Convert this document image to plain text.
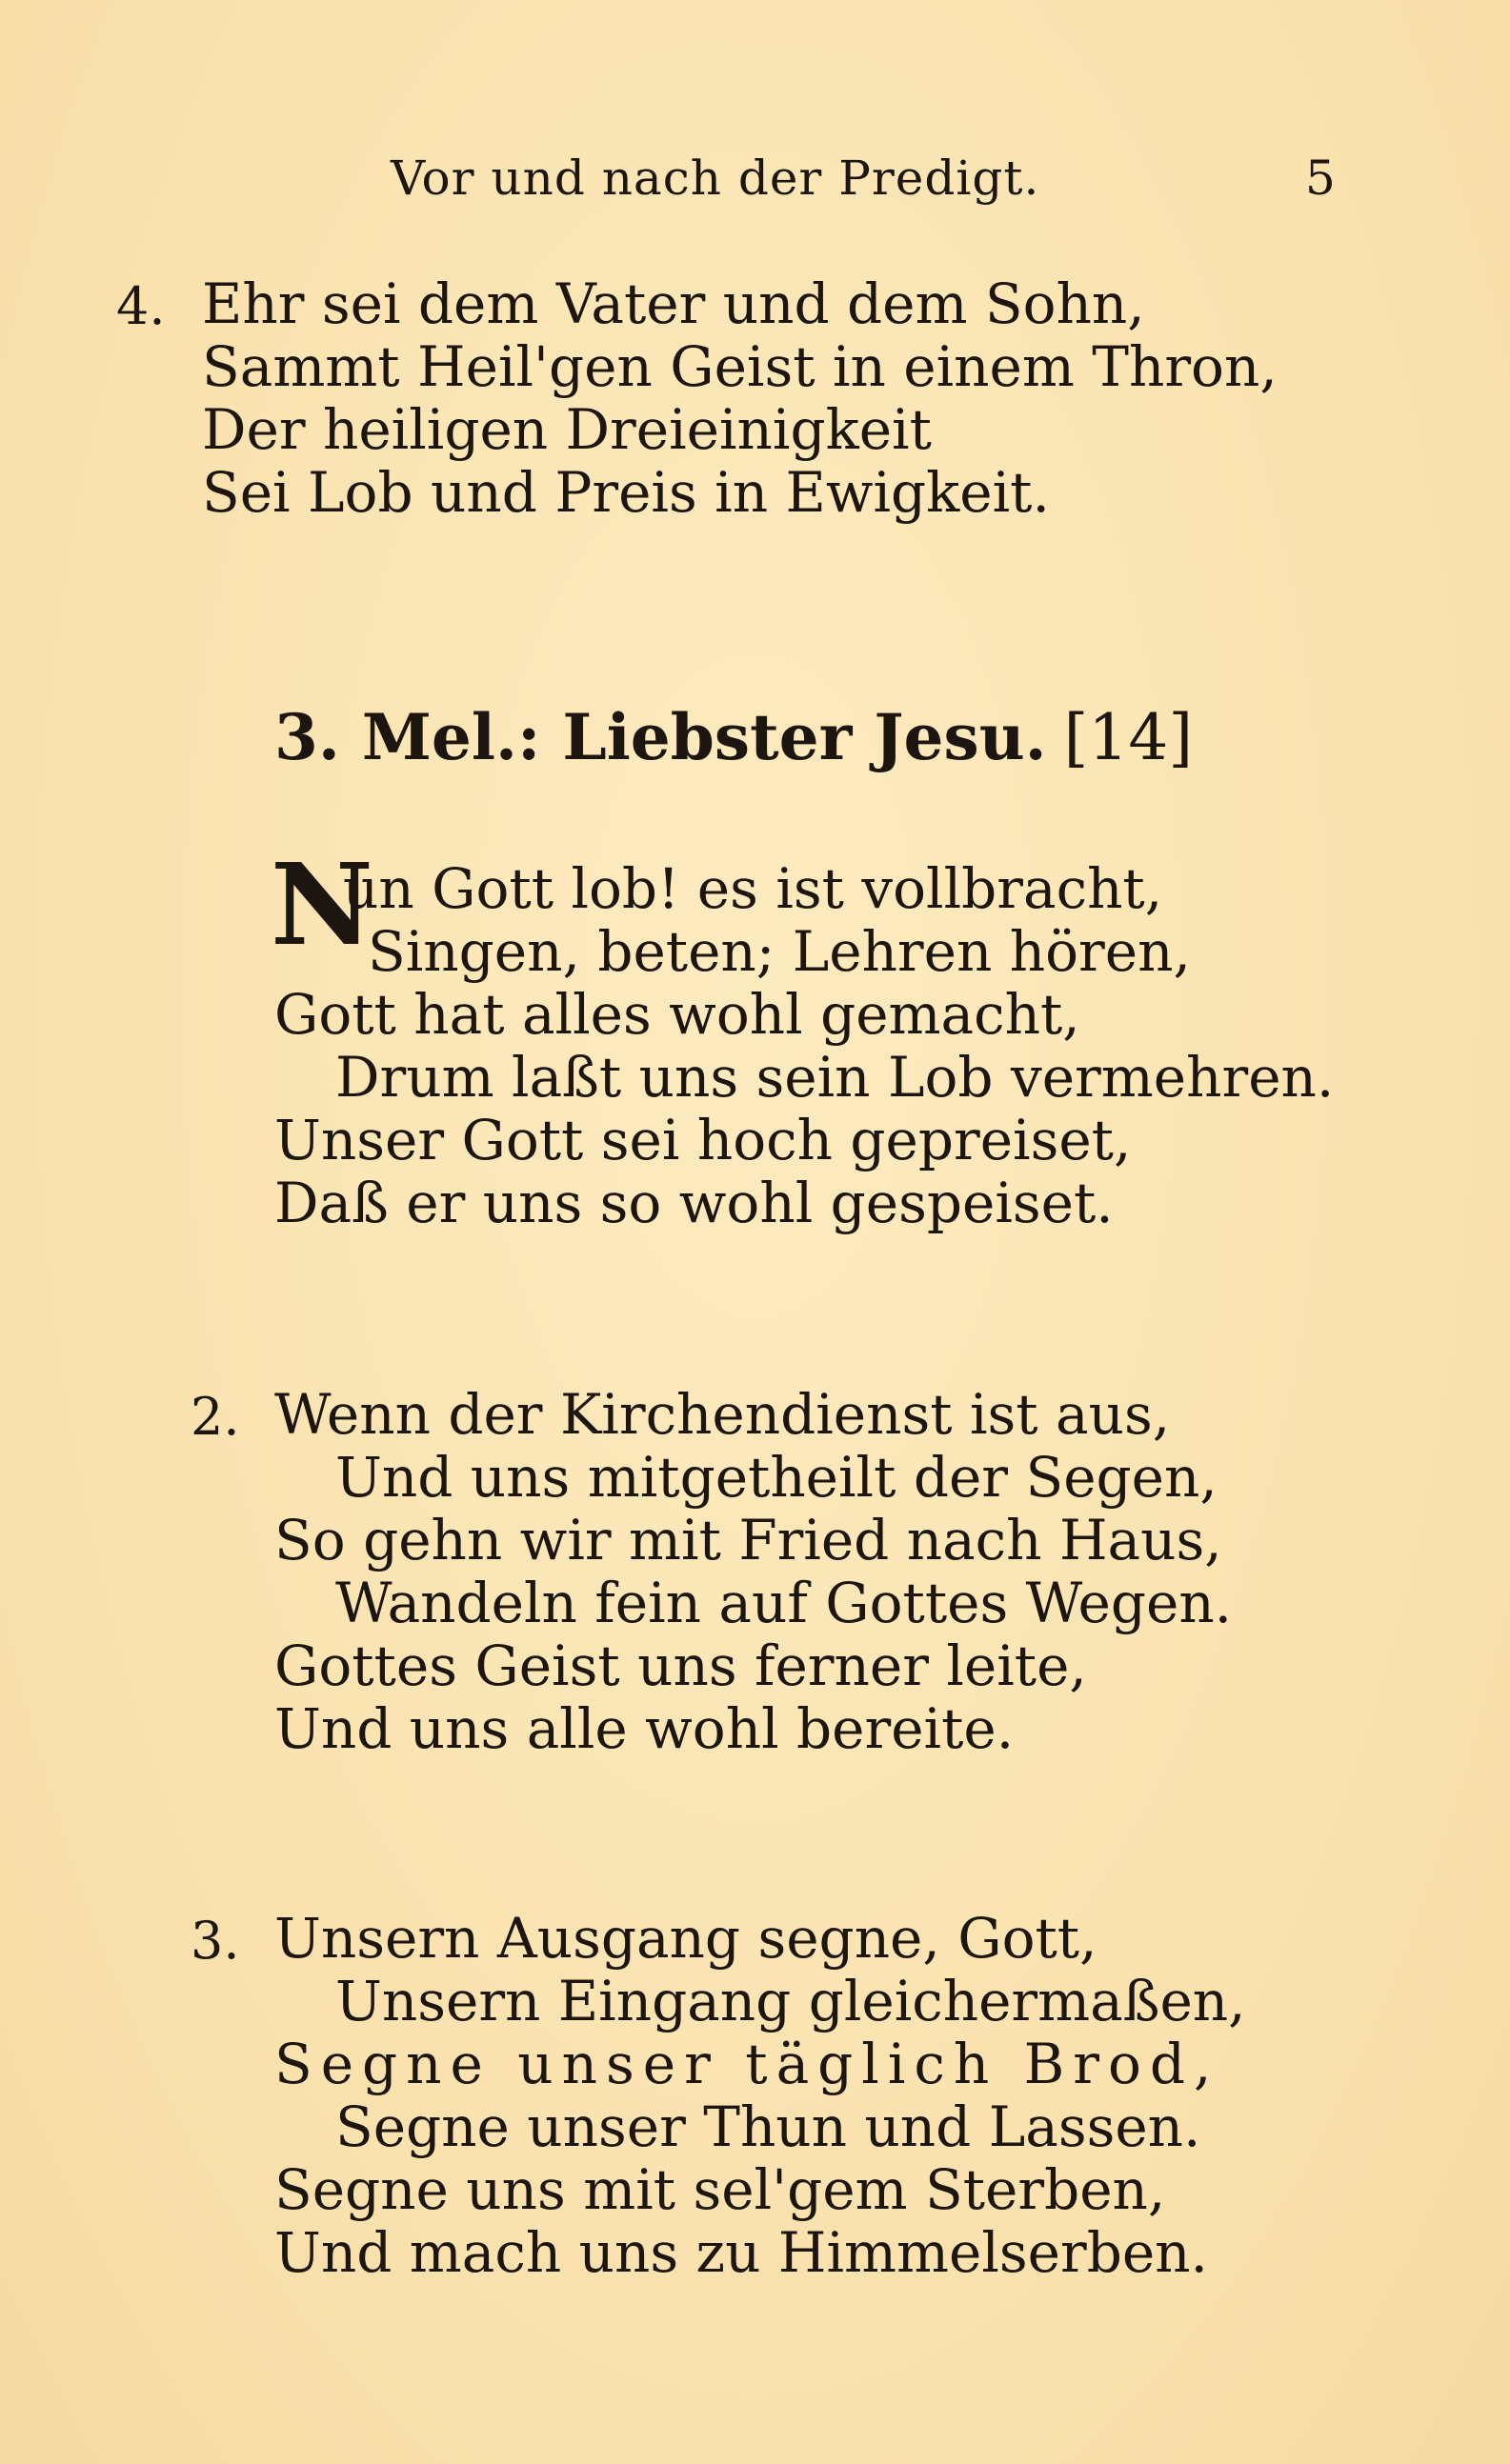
Vor und nach der Predigt.	5
4. Ehr sei dem Vater und dem Sohn,
Sammt Heil'gen Geist in einem Thron,
Der heiligen Dreieinigkeit
Sei Lob und Preis in Ewigkeit.
3. Mel.: Liebster Jesu. [14]
N
un Gott lob! es ist vollbracht,
Singen, beten; Lehren hören,
Gott hat alles wohl gemacht,
Drum laßt uns sein Lob vermehren.
Unser Gott sei hoch gepreiset,
Daß er uns so wohl gespeiset.
2. Wenn der Kirchendienst ist aus,
Und uns mitgetheilt der Segen,
So gehn wir mit Fried nach Haus,
Wandeln fein auf Gottes Wegen.
Gottes Geist uns ferner leite,
Und uns alle wohl bereite.
3. Unsern Ausgang segne, Gott,
Unsern Eingang gleichermaßen,
Segne unser täglich Brod,
Segne unser Thun und Lassen.
Segne uns mit sel'gem Sterben,
Und mach uns zu Himmelserben.
